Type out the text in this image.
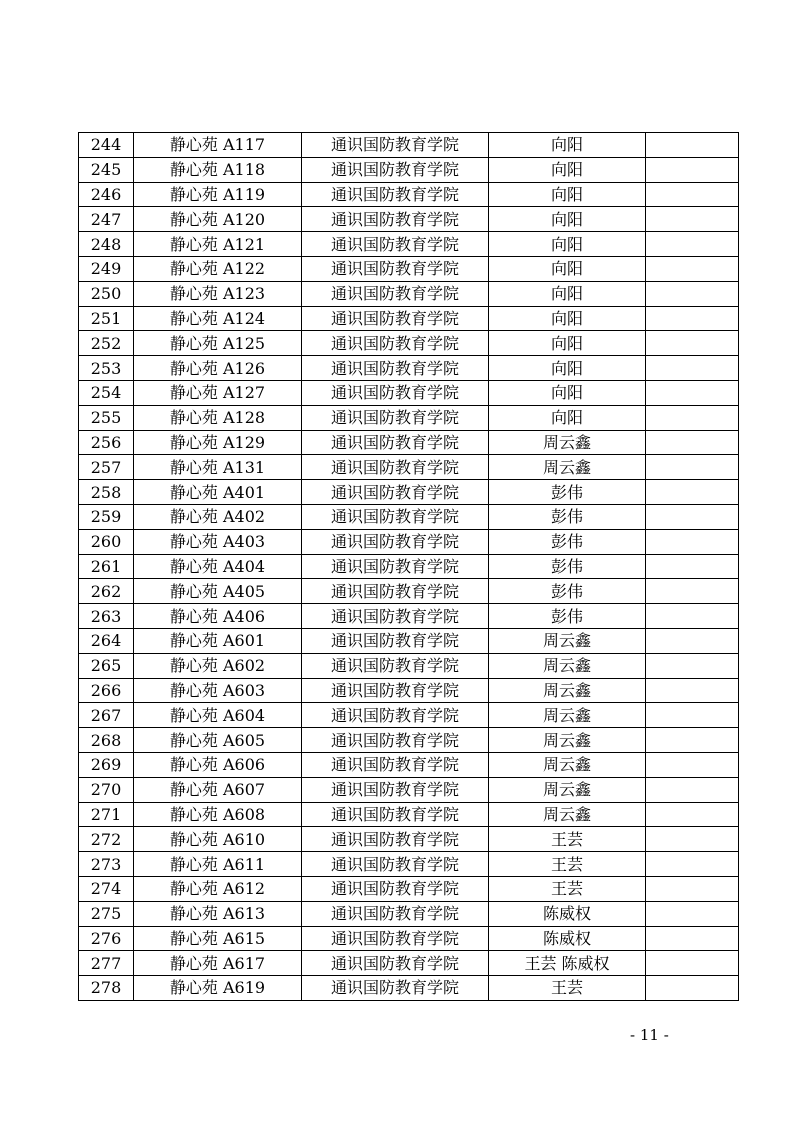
244	静心苑 A117	通识国防教育学院	向阳	
245	静心苑 A118	通识国防教育学院	向阳	
246	静心苑 A119	通识国防教育学院	向阳	
247	静心苑 A120	通识国防教育学院	向阳	
248	静心苑 A121	通识国防教育学院	向阳	
249	静心苑 A122	通识国防教育学院	向阳	
250	静心苑 A123	通识国防教育学院	向阳	
251	静心苑 A124	通识国防教育学院	向阳	
252	静心苑 A125	通识国防教育学院	向阳	
253	静心苑 A126	通识国防教育学院	向阳	
254	静心苑 A127	通识国防教育学院	向阳	
255	静心苑 A128	通识国防教育学院	向阳	
256	静心苑 A129	通识国防教育学院	周云鑫	
257	静心苑 A131	通识国防教育学院	周云鑫	
258	静心苑 A401	通识国防教育学院	彭伟	
259	静心苑 A402	通识国防教育学院	彭伟	
260	静心苑 A403	通识国防教育学院	彭伟	
261	静心苑 A404	通识国防教育学院	彭伟	
262	静心苑 A405	通识国防教育学院	彭伟	
263	静心苑 A406	通识国防教育学院	彭伟	
264	静心苑 A601	通识国防教育学院	周云鑫	
265	静心苑 A602	通识国防教育学院	周云鑫	
266	静心苑 A603	通识国防教育学院	周云鑫	
267	静心苑 A604	通识国防教育学院	周云鑫	
268	静心苑 A605	通识国防教育学院	周云鑫	
269	静心苑 A606	通识国防教育学院	周云鑫	
270	静心苑 A607	通识国防教育学院	周云鑫	
271	静心苑 A608	通识国防教育学院	周云鑫	
272	静心苑 A610	通识国防教育学院	王芸	
273	静心苑 A611	通识国防教育学院	王芸	
274	静心苑 A612	通识国防教育学院	王芸	
275	静心苑 A613	通识国防教育学院	陈威权	
276	静心苑 A615	通识国防教育学院	陈威权	
277	静心苑 A617	通识国防教育学院	王芸 陈威权	
278	静心苑 A619	通识国防教育学院	王芸	
- 11 -
